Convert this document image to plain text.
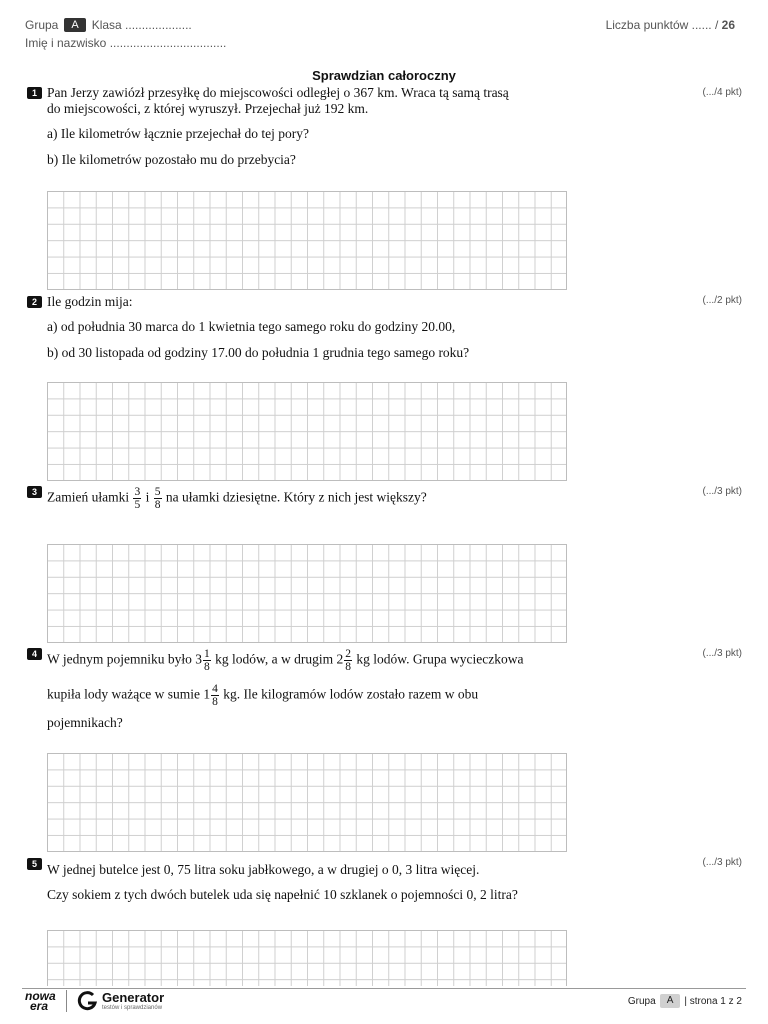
Grupa A Klasa ....................
Imię i nazwisko ...................................
Liczba punktów ...... / 26
Sprawdzian całoroczny
1	(.../4 pkt)
Pan Jerzy zawiózł przesyłkę do miejscowości odległej o 367 km. Wraca tą samą trasą
do miejscowości, z której wyruszył. Przejechał już 192 km.
a) Ile kilometrów łącznie przejechał do tej pory?
b) Ile kilometrów pozostało mu do przebycia?
2	(.../2 pkt)
Ile godzin mija:
a) od południa 30 marca do 1 kwietnia tego samego roku do godziny 20.00,
b) od 30 listopada od godziny 17.00 do południa 1 grudnia tego samego roku?
3	(.../3 pkt)
Zamień ułamki $\frac{3}{5}$ i $\frac{5}{8}$ na ułamki dziesiętne. Który z nich jest większy?
4	(.../3 pkt)
W jednym pojemniku było $3 \frac{1}{8}$ kg lodów, a w drugim $2 \frac{2}{8}$ kg lodów. Grupa wycieczkowa
kupiła lody ważące w sumie $1 \frac{4}{8}$ kg. Ile kilogramów lodów zostało razem w obu
pojemnikach?
5	(.../3 pkt)
W jednej butelce jest 0, 75 litra soku jabłkowego, a w drugiej o 0, 3 litra więcej.
Czy sokiem z tych dwóch butelek uda się napełnić 10 szklanek o pojemności 0, 2 litra?
nowa
era
Generator
testów i sprawdzianów
Grupa A | strona 1 z 2
